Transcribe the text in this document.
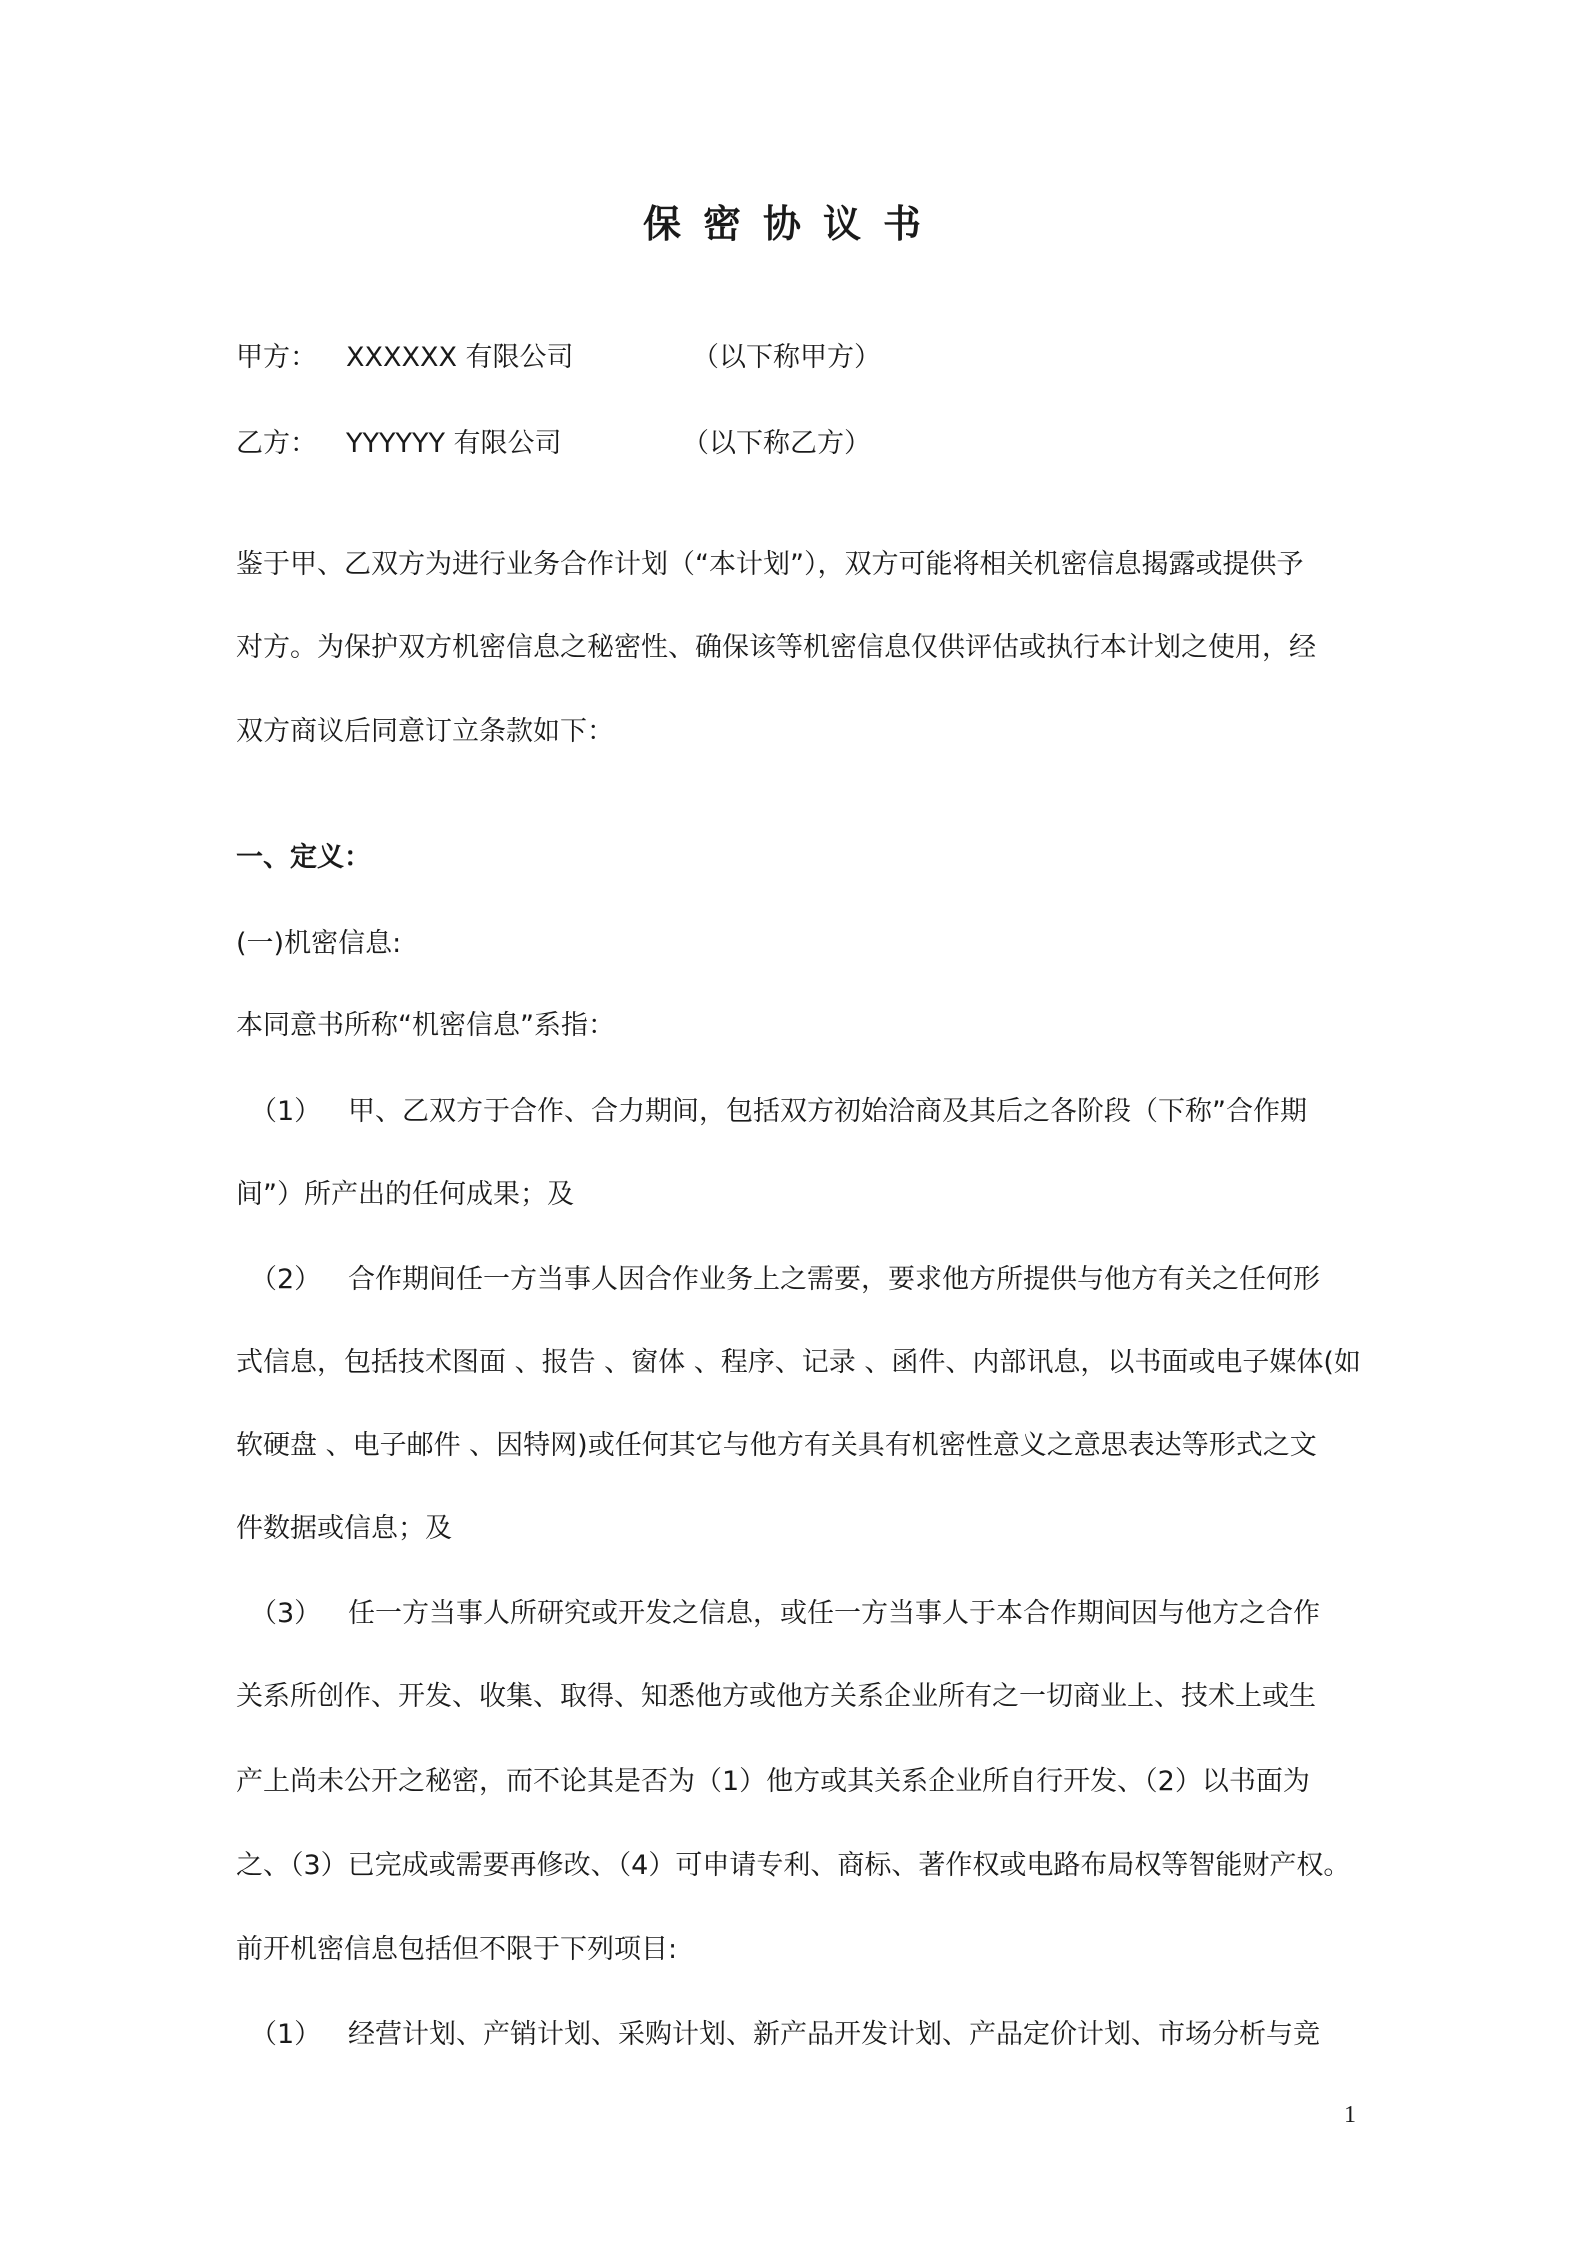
保密协议书
甲方： XXXXXX 有限公司	（以下称甲方）
乙方： YYYYYY 有限公司	（以下称乙方）
鉴于甲、乙双方为进行业务合作计划（“本计划”），双方可能将相关机密信息揭露或提供予
对方。为保护双方机密信息之秘密性、确保该等机密信息仅供评估或执行本计划之使用，经
双方商议后同意订立条款如下：
一、定义：
(一)机密信息:
本同意书所称“机密信息”系指：
（1） 甲、乙双方于合作、合力期间，包括双方初始洽商及其后之各阶段（下称”合作期
间”）所产出的任何成果；及
（2） 合作期间任一方当事人因合作业务上之需要，要求他方所提供与他方有关之任何形
式信息，包括技术图面 、报告 、窗体 、程序、记录 、函件、内部讯息，以书面或电子媒体(如
软硬盘 、电子邮件 、因特网)或任何其它与他方有关具有机密性意义之意思表达等形式之文
件数据或信息；及
（3） 任一方当事人所研究或开发之信息，或任一方当事人于本合作期间因与他方之合作
关系所创作、开发、收集、取得、知悉他方或他方关系企业所有之一切商业上、技术上或生
产上尚未公开之秘密，而不论其是否为（1）他方或其关系企业所自行开发、（2）以书面为
之、（3）已完成或需要再修改、（4）可申请专利、商标、著作权或电路布局权等智能财产权。
前开机密信息包括但不限于下列项目:
（1） 经营计划、产销计划、采购计划、新产品开发计划、产品定价计划、市场分析与竞
1
